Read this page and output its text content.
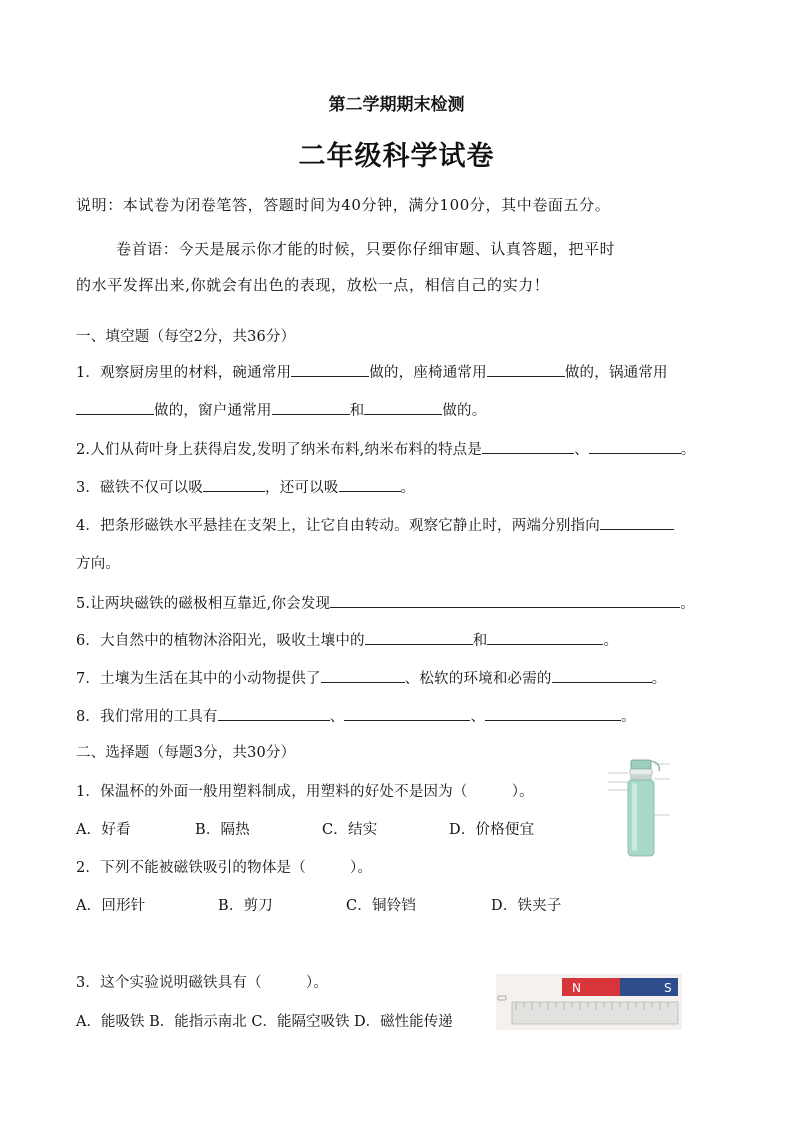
第二学期期末检测
二年级科学试卷
说明：本试卷为闭卷笔答，答题时间为40分钟，满分100分，其中卷面五分。
卷首语：今天是展示你才能的时候，只要你仔细审题、认真答题，把平时
的水平发挥出来,你就会有出色的表现，放松一点，相信自己的实力！
一、填空题（每空2分，共36分）
1．观察厨房里的材料，碗通常用	做的，座椅通常用	做的，锅通常用
做的，窗户通常用	和	做的。
2.人们从荷叶身上获得启发,发明了纳米布料,纳米布料的特点是	、	。
3．磁铁不仅可以吸	，还可以吸	。
4．把条形磁铁水平悬挂在支架上，让它自由转动。观察它静止时，两端分别指向
方向。
5.让两块磁铁的磁极相互靠近,你会发现	。
6．大自然中的植物沐浴阳光，吸收土壤中的	和	。
7．土壤为生活在其中的小动物提供了	、松软的环境和必需的	。
8．我们常用的工具有	、	、	。
二、选择题（每题3分，共30分）
1．保温杯的外面一般用塑料制成，用塑料的好处不是因为（　　　）。
A．好看	B．隔热	C．结实	D．价格便宜
2．下列不能被磁铁吸引的物体是（　　　）。
A．回形针	B．剪刀	C．铜铃铛	D．铁夹子
3．这个实验说明磁铁具有（　　　）。
A．能吸铁 B．能指示南北 C．能隔空吸铁 D．磁性能传递
N	S
